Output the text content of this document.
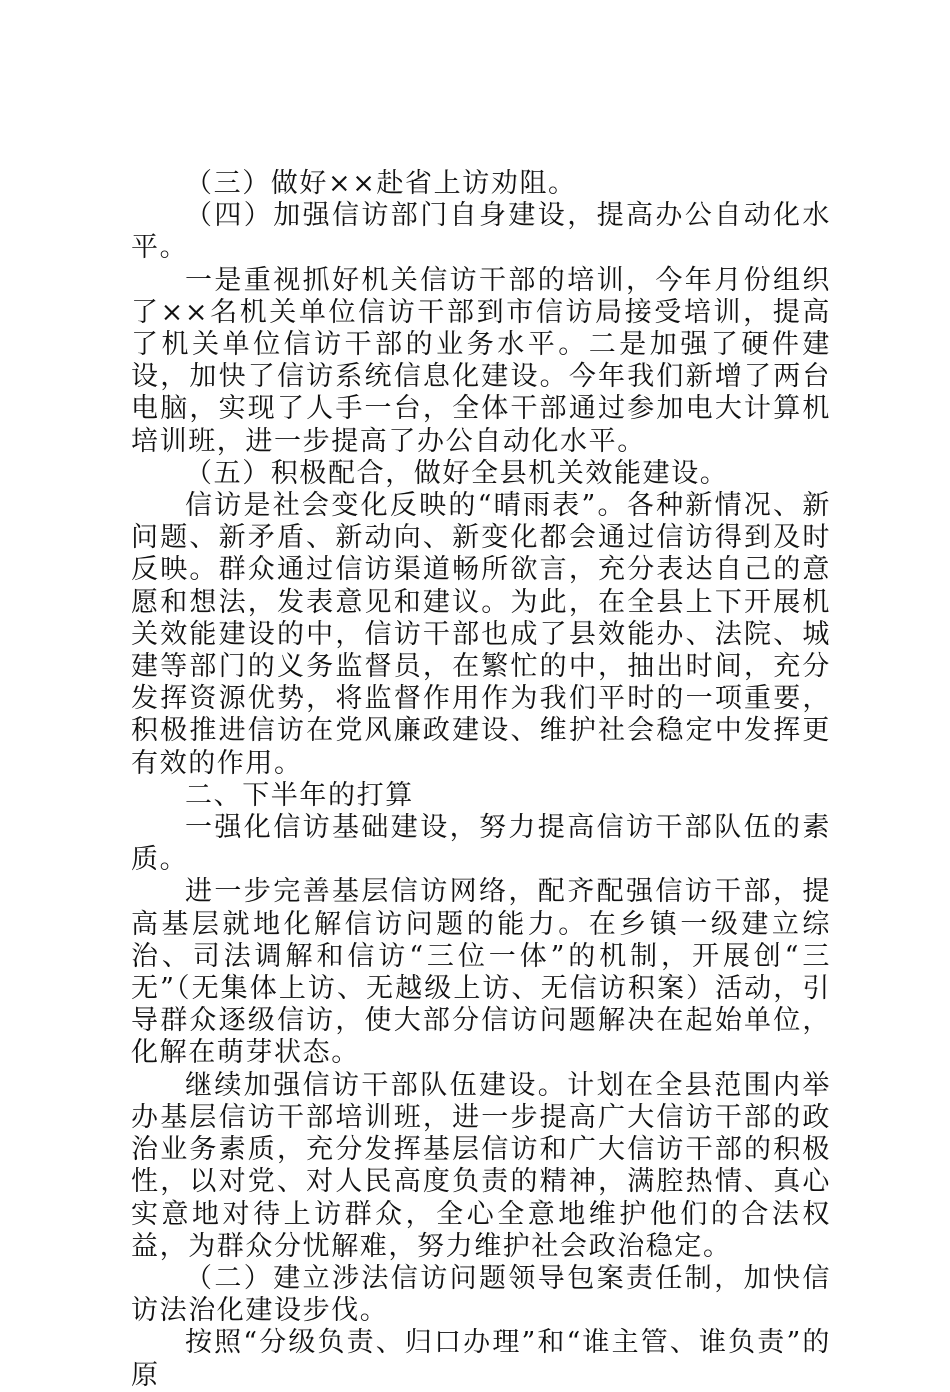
（三）做好××赴省上访劝阻。

（四）加强信访部门自身建设，提高办公自动化水平。

一是重视抓好机关信访干部的培训，今年月份组织了××名机关单位信访干部到市信访局接受培训，提高了机关单位信访干部的业务水平。二是加强了硬件建设，加快了信访系统信息化建设。今年我们新增了两台电脑，实现了人手一台，全体干部通过参加电大计算机培训班，进一步提高了办公自动化水平。

（五）积极配合，做好全县机关效能建设。

信访是社会变化反映的“晴雨表”。各种新情况、新问题、新矛盾、新动向、新变化都会通过信访得到及时反映。群众通过信访渠道畅所欲言，充分表达自己的意愿和想法，发表意见和建议。为此，在全县上下开展机关效能建设的中，信访干部也成了县效能办、法院、城建等部门的义务监督员，在繁忙的中，抽出时间，充分发挥资源优势，将监督作用作为我们平时的一项重要，积极推进信访在党风廉政建设、维护社会稳定中发挥更有效的作用。

二、下半年的打算

一强化信访基础建设，努力提高信访干部队伍的素质。

进一步完善基层信访网络，配齐配强信访干部，提高基层就地化解信访问题的能力。在乡镇一级建立综治、司法调解和信访“三位一体”的机制，开展创“三无”（无集体上访、无越级上访、无信访积案）活动，引导群众逐级信访，使大部分信访问题解决在起始单位，化解在萌芽状态。

继续加强信访干部队伍建设。计划在全县范围内举办基层信访干部培训班，进一步提高广大信访干部的政治业务素质，充分发挥基层信访和广大信访干部的积极性，以对党、对人民高度负责的精神，满腔热情、真心实意地对待上访群众，全心全意地维护他们的合法权益，为群众分忧解难，努力维护社会政治稳定。

（二）建立涉法信访问题领导包案责任制，加快信访法治化建设步伐。

按照“分级负责、归口办理”和“谁主管、谁负责”的原
